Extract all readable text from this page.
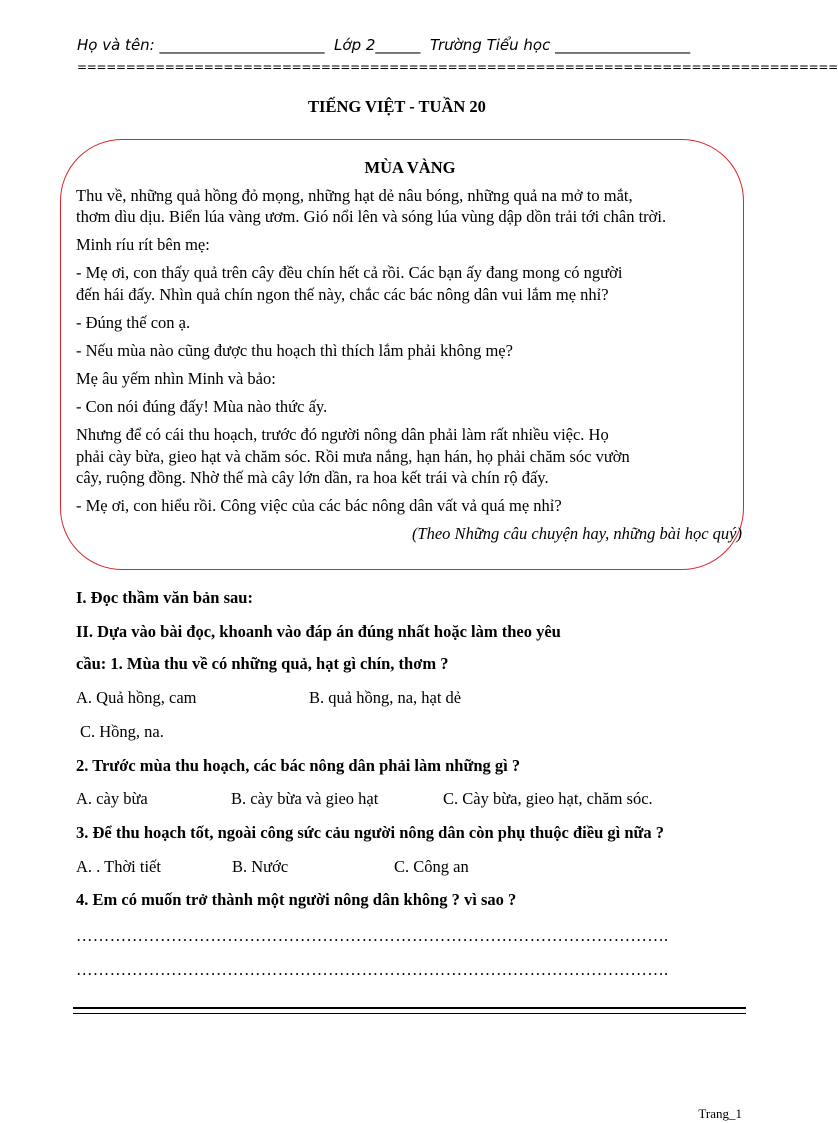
Họ và tên: ______________________  Lớp 2______  Trường Tiểu học __________________
==============================================================================
TIẾNG VIỆT - TUẦN 20
MÙA VÀNG
Thu về, những quả hồng đỏ mọng, những hạt dẻ nâu bóng, những quả na mở to mắt,
thơm dìu dịu. Biển lúa vàng ươm. Gió nổi lên và sóng lúa vùng dập dồn trải tới chân trời.
Minh ríu rít bên mẹ:
- Mẹ ơi, con thấy quả trên cây đều chín hết cả rồi. Các bạn ấy đang mong có người
đến hái đấy. Nhìn quả chín ngon thế này, chắc các bác nông dân vui lắm mẹ nhỉ?
- Đúng thế con ạ.
- Nếu mùa nào cũng được thu hoạch thì thích lắm phải không mẹ?
Mẹ âu yếm nhìn Minh và bảo:
- Con nói đúng đấy! Mùa nào thức ấy.
Nhưng để có cái thu hoạch, trước đó người nông dân phải làm rất nhiều việc. Họ
phải cày bừa, gieo hạt và chăm sóc. Rồi mưa nắng, hạn hán, họ phải chăm sóc vườn
cây, ruộng đồng. Nhờ thế mà cây lớn dần, ra hoa kết trái và chín rộ đấy.
- Mẹ ơi, con hiểu rồi. Công việc của các bác nông dân vất vả quá mẹ nhỉ?
(Theo Những câu chuyện hay, những bài học quý)
I. Đọc thầm văn bản sau:
II. Dựa vào bài đọc, khoanh vào đáp án đúng nhất hoặc làm theo yêu
cầu: 1. Mùa thu về có những quả, hạt gì chín, thơm ?
A. Quả hồng, cam	B. quả hồng, na, hạt dẻ
C. Hồng, na.
2. Trước mùa thu hoạch, các bác nông dân phải làm những gì ?
A. cày bừa	B. cày bừa và gieo hạt	C. Cày bừa, gieo hạt, chăm sóc.
3. Để thu hoạch tốt, ngoài công sức cảu người nông dân còn phụ thuộc điều gì nữa ?
A. . Thời tiết	B. Nước	C. Công an
4. Em có muốn trở thành một người nông dân không ? vì sao ?
…………………………………………………………………………………………….
…………………………………………………………………………………………….
Trang_1
